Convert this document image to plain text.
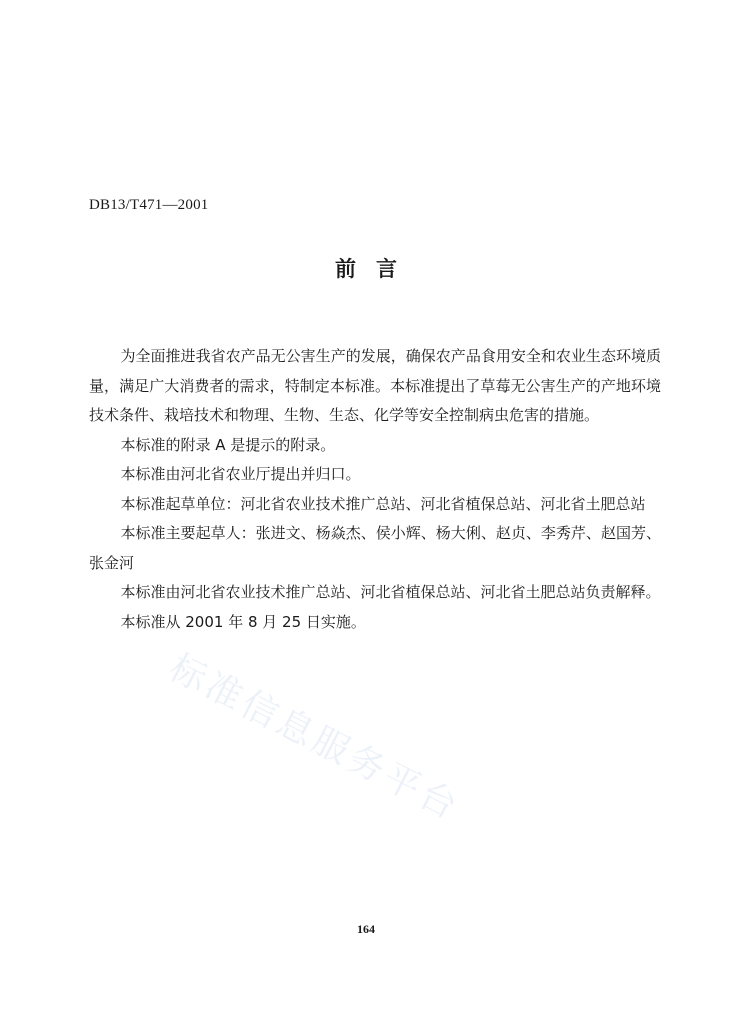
DB13/T471—2001
前言

为全面推进我省农产品无公害生产的发展，确保农产品食用安全和农业生态环境质量，满足广大消费者的需求，特制定本标准。本标准提出了草莓无公害生产的产地环境技术条件、栽培技术和物理、生物、生态、化学等安全控制病虫危害的措施。

本标准的附录 A 是提示的附录。

本标准由河北省农业厅提出并归口。

本标准起草单位：河北省农业技术推广总站、河北省植保总站、河北省土肥总站

本标准主要起草人：张进文、杨焱杰、侯小辉、杨大俐、赵贞、李秀芹、赵国芳、张金河

本标准由河北省农业技术推广总站、河北省植保总站、河北省土肥总站负责解释。

本标准从 2001 年 8 月 25 日实施。

标准信息服务平台
164
